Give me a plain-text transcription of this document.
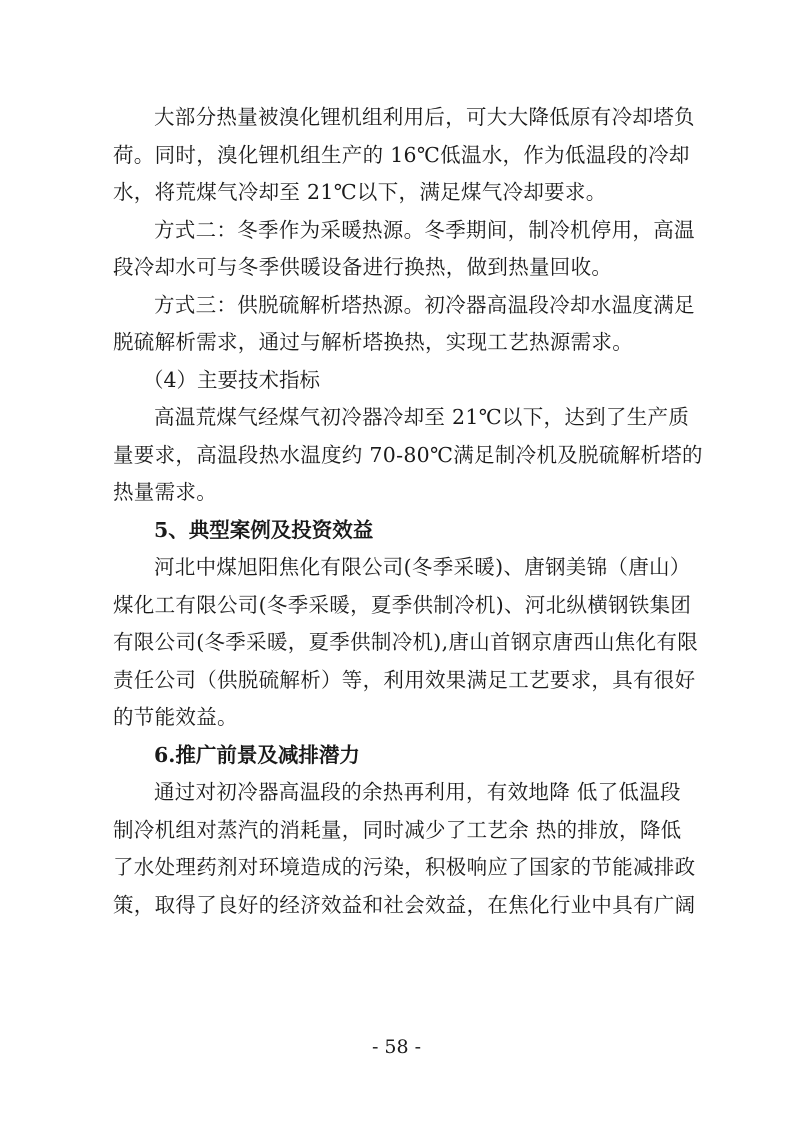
大部分热量被溴化锂机组利用后，可大大降低原有冷却塔负
荷。同时，溴化锂机组生产的 16℃低温水，作为低温段的冷却
水，将荒煤气冷却至 21℃以下，满足煤气冷却要求。

方式二：冬季作为采暖热源。冬季期间，制冷机停用，高温
段冷却水可与冬季供暖设备进行换热，做到热量回收。

方式三：供脱硫解析塔热源。初冷器高温段冷却水温度满足
脱硫解析需求，通过与解析塔换热，实现工艺热源需求。

（4）主要技术指标

高温荒煤气经煤气初冷器冷却至 21℃以下，达到了生产质
量要求，高温段热水温度约 70-80℃满足制冷机及脱硫解析塔的
热量需求。

5、典型案例及投资效益

河北中煤旭阳焦化有限公司(冬季采暖)、唐钢美锦（唐山）
煤化工有限公司(冬季采暖，夏季供制冷机)、河北纵横钢铁集团
有限公司(冬季采暖，夏季供制冷机),唐山首钢京唐西山焦化有限
责任公司（供脱硫解析）等，利用效果满足工艺要求，具有很好
的节能效益。

6.推广前景及减排潜力

通过对初冷器高温段的余热再利用，有效地降 低了低温段
制冷机组对蒸汽的消耗量，同时减少了工艺余 热的排放，降低
了水处理药剂对环境造成的污染，积极响应了国家的节能减排政
策，取得了良好的经济效益和社会效益，在焦化行业中具有广阔

- 58 -
